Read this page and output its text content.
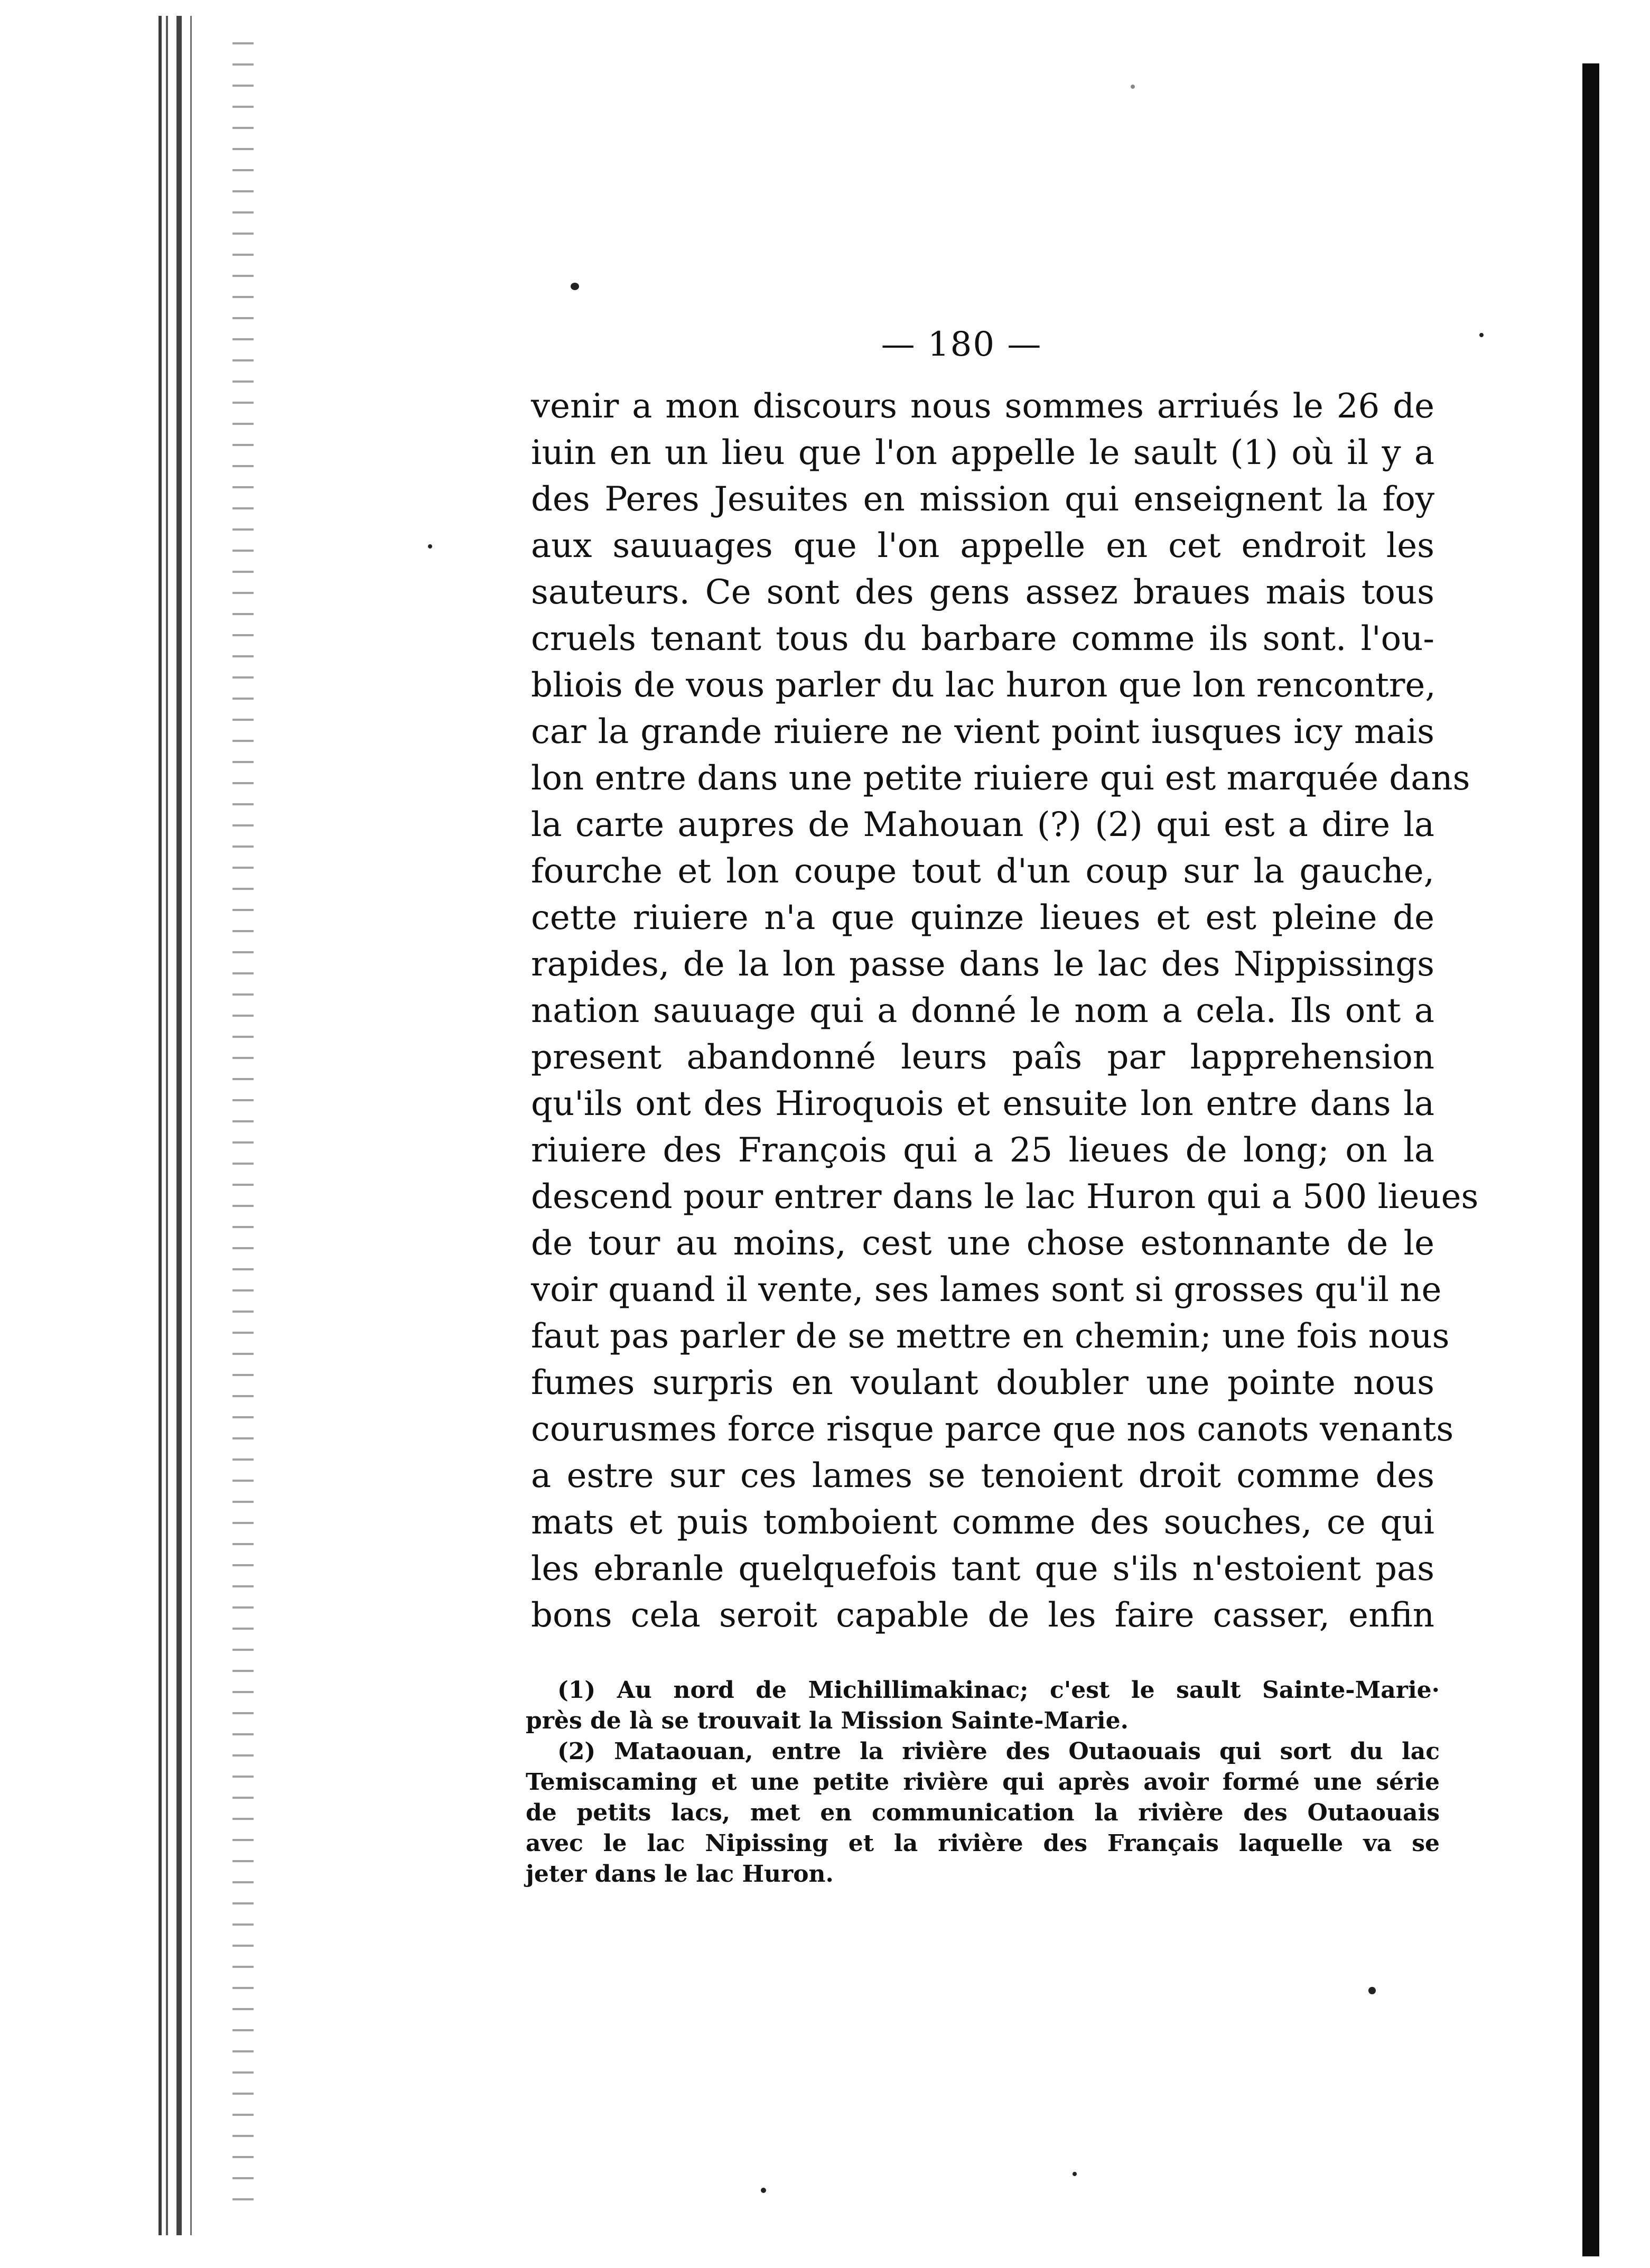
— 180 —
venir a mon discours nous sommes arriués le 26 de
iuin en un lieu que l'on appelle le sault (1) où il y a
des Peres Jesuites en mission qui enseignent la foy
aux sauuages que l'on appelle en cet endroit les
sauteurs. Ce sont des gens assez braues mais tous
cruels tenant tous du barbare comme ils sont. l'ou-
bliois de vous parler du lac huron que lon rencontre,
car la grande riuiere ne vient point iusques icy mais
lon entre dans une petite riuiere qui est marquée dans
la carte aupres de Mahouan (?) (2) qui est a dire la
fourche et lon coupe tout d'un coup sur la gauche,
cette riuiere n'a que quinze lieues et est pleine de
rapides, de la lon passe dans le lac des Nippissings
nation sauuage qui a donné le nom a cela. Ils ont a
present abandonné leurs paîs par lapprehension
qu'ils ont des Hiroquois et ensuite lon entre dans la
riuiere des François qui a 25 lieues de long; on la
descend pour entrer dans le lac Huron qui a 500 lieues
de tour au moins, cest une chose estonnante de le
voir quand il vente, ses lames sont si grosses qu'il ne
faut pas parler de se mettre en chemin; une fois nous
fumes surpris en voulant doubler une pointe nous
courusmes force risque parce que nos canots venants
a estre sur ces lames se tenoient droit comme des
mats et puis tomboient comme des souches, ce qui
les ebranle quelquefois tant que s'ils n'estoient pas
bons cela seroit capable de les faire casser, enfin
(1) Au nord de Michillimakinac; c'est le sault Sainte-Marie·
près de là se trouvait la Mission Sainte-Marie.
(2) Mataouan, entre la rivière des Outaouais qui sort du lac
Temiscaming et une petite rivière qui après avoir formé une série
de petits lacs, met en communication la rivière des Outaouais
avec le lac Nipissing et la rivière des Français laquelle va se
jeter dans le lac Huron.
